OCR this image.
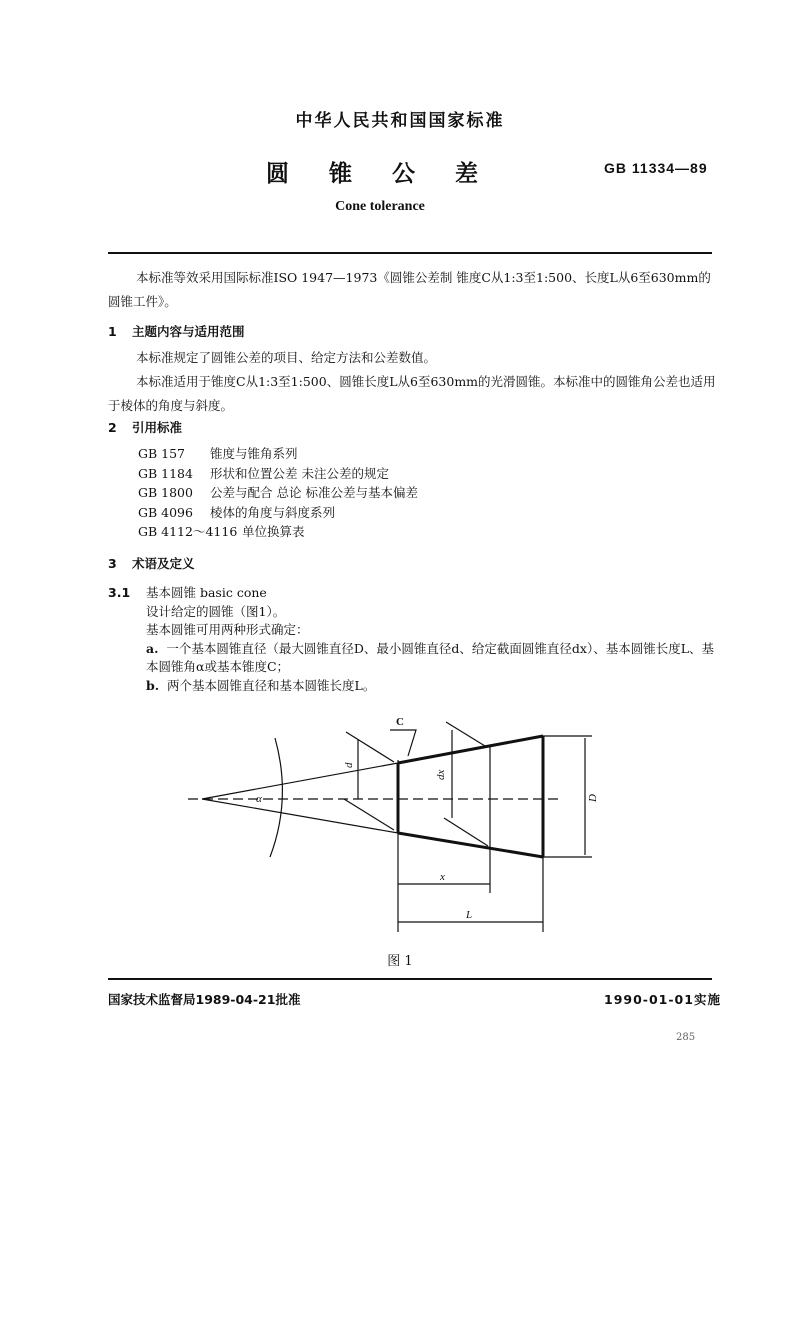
中华人民共和国国家标准
圆 锥 公 差	GB 11334—89
Cone tolerance
本标准等效采用国际标准ISO 1947—1973《圆锥公差制 锥度C从1:3至1:500、长度L从6至630mm的圆锥工件》。
1 主题内容与适用范围
本标准规定了圆锥公差的项目、给定方法和公差数值。
本标准适用于锥度C从1:3至1:500、圆锥长度L从6至630mm的光滑圆锥。本标准中的圆锥角公差也适用于棱体的角度与斜度。
2 引用标准
GB 157 锥度与锥角系列
GB 1184 形状和位置公差 未注公差的规定
GB 1800 公差与配合 总论 标准公差与基本偏差
GB 4096 棱体的角度与斜度系列
GB 4112～4116 单位换算表
3 术语及定义
3.1 基本圆锥 basic cone
设计给定的圆锥（图1）。
基本圆锥可用两种形式确定：
a. 一个基本圆锥直径（最大圆锥直径D、最小圆锥直径d、给定截面圆锥直径dx）、基本圆锥长度L、基本圆锥角α或基本锥度C；
b. 两个基本圆锥直径和基本圆锥长度L。
C
d
dx
D
α
x
L
图 1
国家技术监督局1989-04-21批准	1990-01-01实施
285
